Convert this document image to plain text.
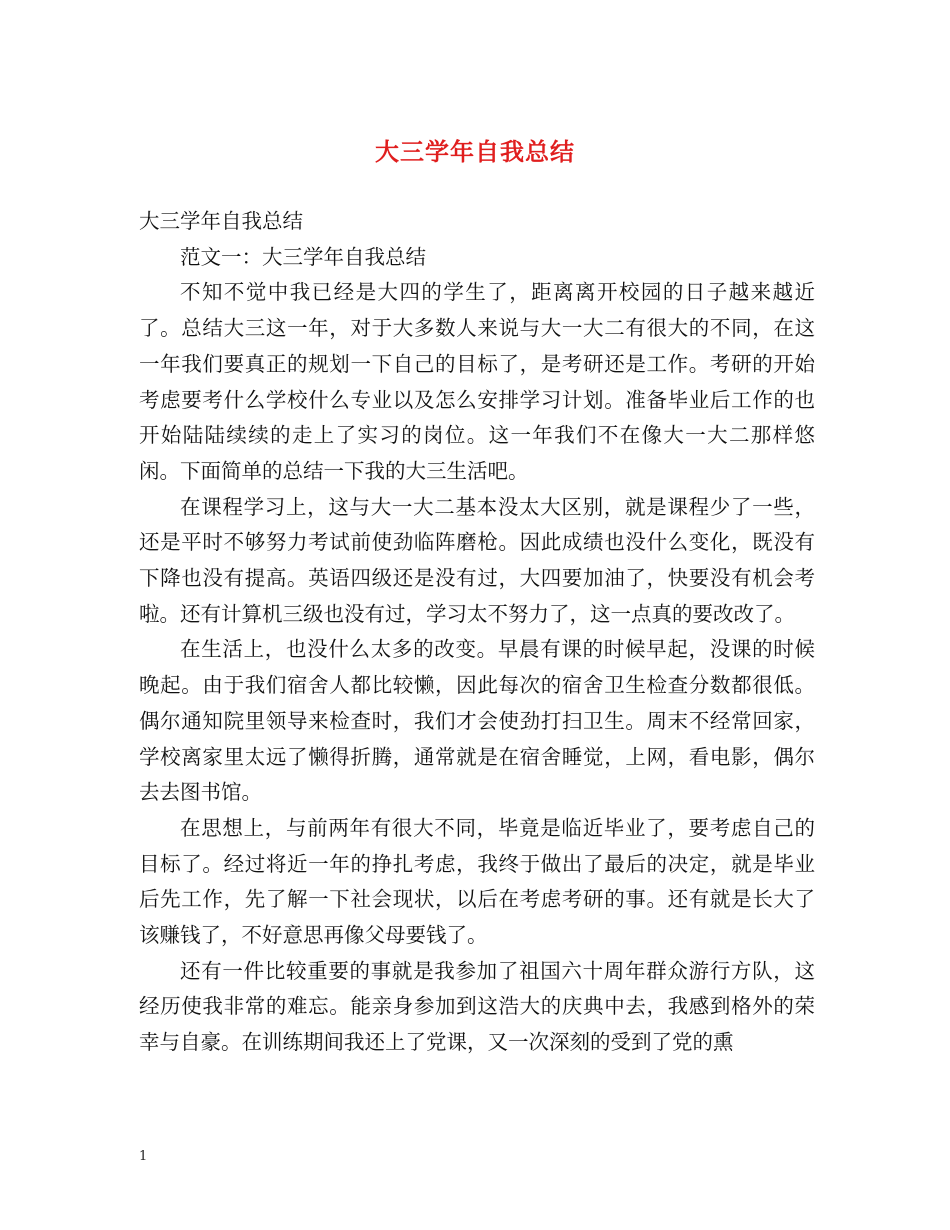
大三学年自我总结

大三学年自我总结

范文一：大三学年自我总结

不知不觉中我已经是大四的学生了，距离离开校园的日子越来越近了。总结大三这一年，对于大多数人来说与大一大二有很大的不同，在这一年我们要真正的规划一下自己的目标了，是考研还是工作。考研的开始考虑要考什么学校什么专业以及怎么安排学习计划。准备毕业后工作的也开始陆陆续续的走上了实习的岗位。这一年我们不在像大一大二那样悠闲。下面简单的总结一下我的大三生活吧。

在课程学习上，这与大一大二基本没太大区别，就是课程少了一些，还是平时不够努力考试前使劲临阵磨枪。因此成绩也没什么变化，既没有下降也没有提高。英语四级还是没有过，大四要加油了，快要没有机会考啦。还有计算机三级也没有过，学习太不努力了，这一点真的要改改了。

在生活上，也没什么太多的改变。早晨有课的时候早起，没课的时候晚起。由于我们宿舍人都比较懒，因此每次的宿舍卫生检查分数都很低。偶尔通知院里领导来检查时，我们才会使劲打扫卫生。周末不经常回家，学校离家里太远了懒得折腾，通常就是在宿舍睡觉，上网，看电影，偶尔去去图书馆。

在思想上，与前两年有很大不同，毕竟是临近毕业了，要考虑自己的目标了。经过将近一年的挣扎考虑，我终于做出了最后的决定，就是毕业后先工作，先了解一下社会现状，以后在考虑考研的事。还有就是长大了该赚钱了，不好意思再像父母要钱了。

还有一件比较重要的事就是我参加了祖国六十周年群众游行方队，这经历使我非常的难忘。能亲身参加到这浩大的庆典中去，我感到格外的荣幸与自豪。在训练期间我还上了党课，又一次深刻的受到了党的熏

1
